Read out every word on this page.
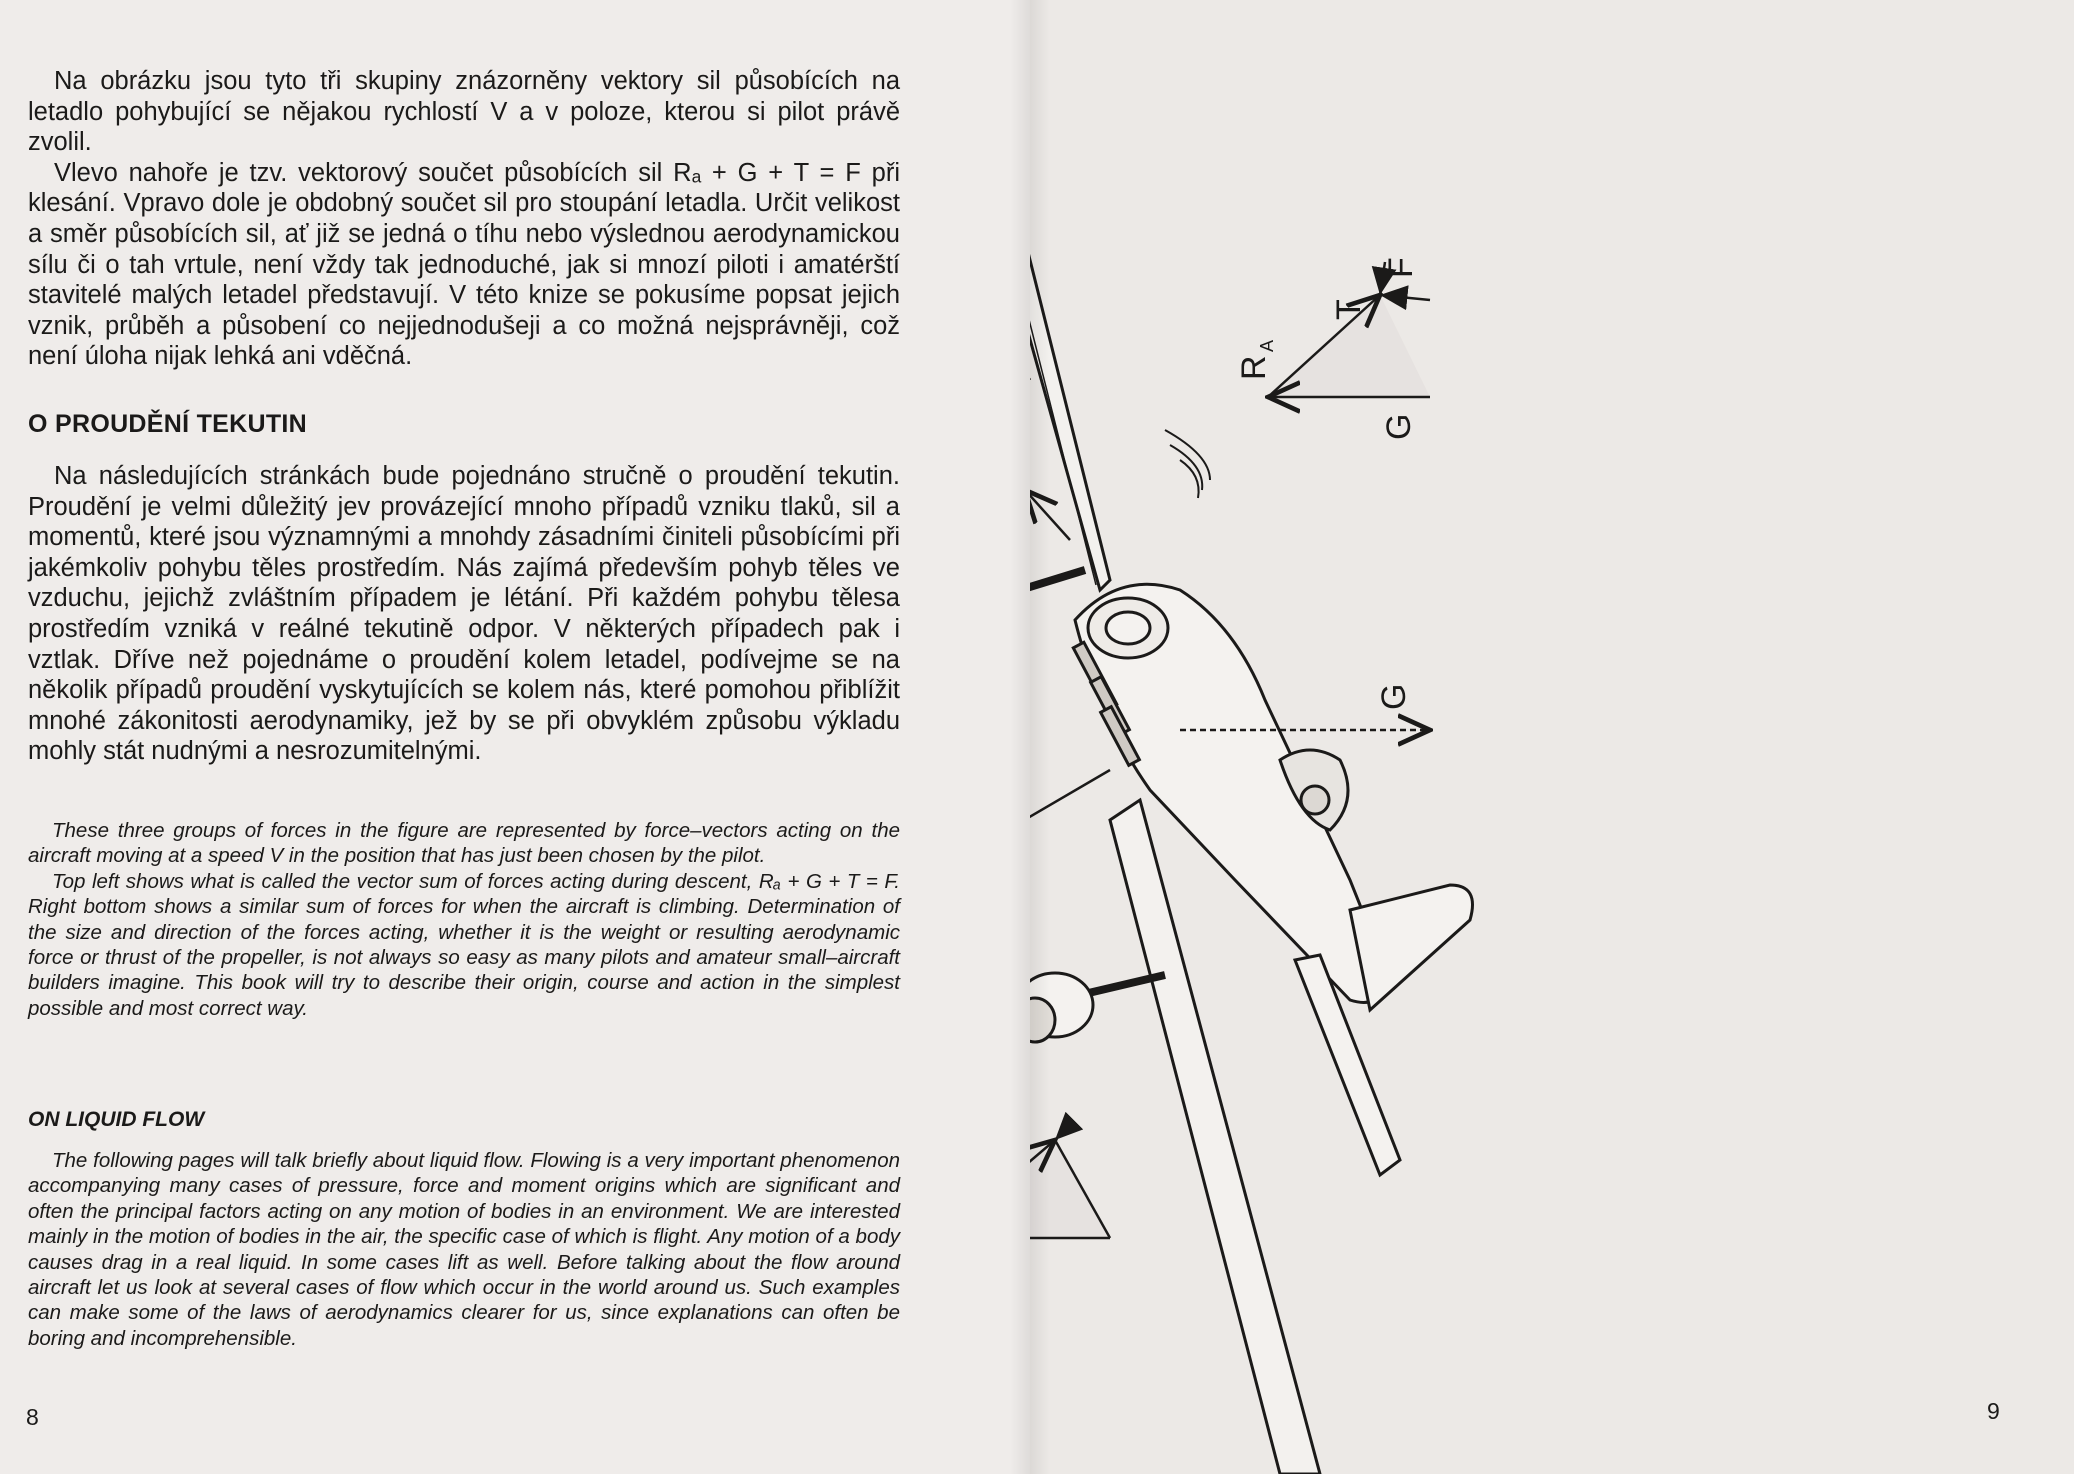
Na obrázku jsou tyto tři skupiny znázorněny vektory sil působících na letadlo pohybující se nějakou rychlostí V a v poloze, kterou si pilot právě zvolil.

Vlevo nahoře je tzv. vektorový součet působících sil Rₐ + G + T = F při klesání. Vpravo dole je obdobný součet sil pro stoupání letadla. Určit velikost a směr působících sil, ať již se jedná o tíhu nebo výslednou aerodynamickou sílu či o tah vrtule, není vždy tak jednoduché, jak si mnozí piloti i amatérští stavitelé malých letadel představují. V této knize se pokusíme popsat jejich vznik, průběh a působení co nejjednodušeji a co možná nejsprávněji, což není úloha nijak lehká ani vděčná.

O PROUDĚNÍ TEKUTIN

Na následujících stránkách bude pojednáno stručně o proudění tekutin. Proudění je velmi důležitý jev provázející mnoho případů vzniku tlaků, sil a momentů, které jsou významnými a mnohdy zásadními činiteli působícími při jakémkoliv pohybu těles prostředím. Nás zajímá především pohyb těles ve vzduchu, jejichž zvláštním případem je létání. Při každém pohybu tělesa prostředím vzniká v reálné tekutině odpor. V některých případech pak i vztlak. Dříve než pojednáme o proudění kolem letadel, podívejme se na několik případů proudění vyskytujících se kolem nás, které pomohou přiblížit mnohé zákonitosti aerodynamiky, jež by se při obvyklém způsobu výkladu mohly stát nudnými a nesrozumitelnými.

These three groups of forces in the figure are represented by force–vectors acting on the aircraft moving at a speed V in the position that has just been chosen by the pilot.

Top left shows what is called the vector sum of forces acting during descent, Rₐ + G + T = F. Right bottom shows a similar sum of forces for when the aircraft is climbing. Determination of the size and direction of the forces acting, whether it is the weight or resulting aerodynamic force or thrust of the propeller, is not always so easy as many pilots and amateur small–aircraft builders imagine. This book will try to describe their origin, course and action in the simplest possible and most correct way.

ON LIQUID FLOW

The following pages will talk briefly about liquid flow. Flowing is a very important phenomenon accompanying many cases of pressure, force and moment origins which are significant and often the principal factors acting on any motion of bodies in an environment. We are interested mainly in the motion of bodies in the air, the specific case of which is flight. Any motion of a body causes drag in a real liquid. In some cases lift as well. Before talking about the flow around aircraft let us look at several cases of flow which occur in the world around us. Such examples can make some of the laws of aerodynamics clearer for us, since explanations can often be boring and incomprehensible.

8
G
G
R
A
T
F
9
